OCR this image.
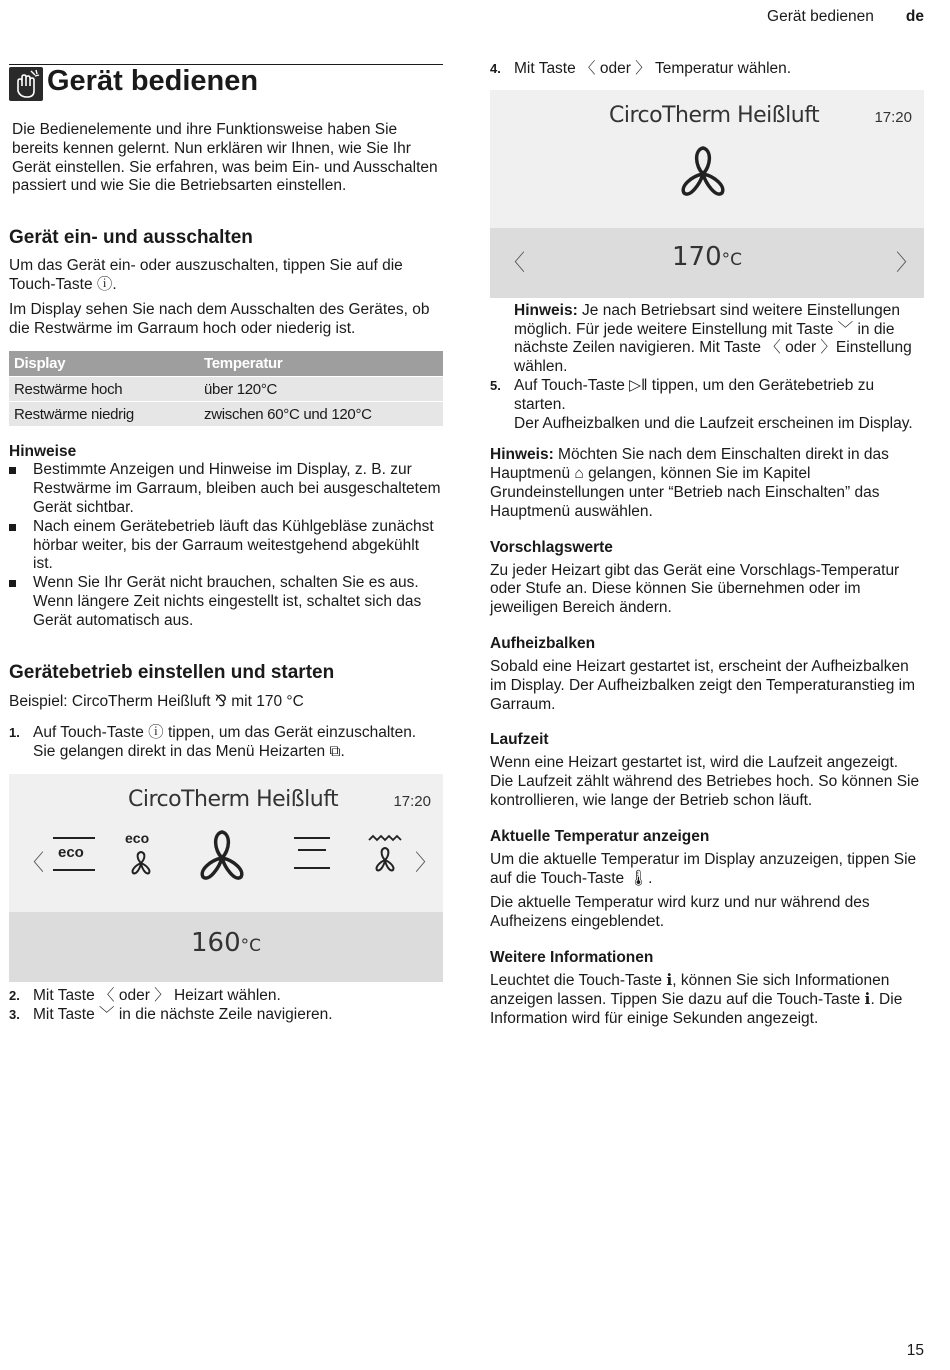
Gerät bedienen de
Gerät bedienen

Die Bedienelemente und ihre Funktionsweise haben Sie bereits kennen gelernt. Nun erklären wir Ihnen, wie Sie Ihr Gerät einstellen. Sie erfahren, was beim Ein- und Ausschalten passiert und wie Sie die Betriebsarten einstellen.

Gerät ein- und ausschalten

Um das Gerät ein- oder auszuschalten, tippen Sie auf die Touch-Taste ⓘ.

Im Display sehen Sie nach dem Ausschalten des Gerätes, ob die Restwärme im Garraum hoch oder niederig ist.

Display	Temperatur
Restwärme hoch	über 120°C
Restwärme niedrig	zwischen 60°C und 120°C
Hinweise
Bestimmte Anzeigen und Hinweise im Display, z. B. zur Restwärme im Garraum, bleiben auch bei ausgeschaltetem Gerät sichtbar.
Nach einem Gerätebetrieb läuft das Kühlgebläse zunächst hörbar weiter, bis der Garraum weitestgehend abgekühlt ist.
Wenn Sie Ihr Gerät nicht brauchen, schalten Sie es aus. Wenn längere Zeit nichts eingestellt ist, schaltet sich das Gerät automatisch aus.
Gerätebetrieb einstellen und starten

Beispiel: CircoTherm Heißluft ⅋ mit 170 °C

1. Auf Touch-Taste ⓘ tippen, um das Gerät einzuschalten.

Sie gelangen direkt in das Menü Heizarten ⧉.

CircoTherm Heißluft	17:20
〈	〉
eco
eco
160°C
2. Mit Taste 〈 oder 〉 Heizart wählen.

3. Mit Taste ﹀ in die nächste Zeile navigieren.

4. Mit Taste 〈 oder 〉 Temperatur wählen.

CircoTherm Heißluft	17:20
〈	〉
170°C

Hinweis: Je nach Betriebsart sind weitere Einstellungen möglich. Für jede weitere Einstellung mit Taste ﹀ in die nächste Zeilen navigieren. Mit Taste 〈 oder 〉Einstellung wählen.

5. Auf Touch-Taste ▷‖ tippen, um den Gerätebetrieb zu starten.

Der Aufheizbalken und die Laufzeit erscheinen im Display.

Hinweis: Möchten Sie nach dem Einschalten direkt in das Hauptmenü ⌂ gelangen, können Sie im Kapitel Grundeinstellungen unter “Betrieb nach Einschalten” das Hauptmenü auswählen.

Vorschlagswerte

Zu jeder Heizart gibt das Gerät eine Vorschlags-Temperatur oder Stufe an. Diese können Sie übernehmen oder im jeweiligen Bereich ändern.

Aufheizbalken

Sobald eine Heizart gestartet ist, erscheint der Aufheizbalken im Display. Der Aufheizbalken zeigt den Temperaturanstieg im Garraum.

Laufzeit

Wenn eine Heizart gestartet ist, wird die Laufzeit angezeigt. Die Laufzeit zählt während des Betriebes hoch. So können Sie kontrollieren, wie lange der Betrieb schon läuft.

Aktuelle Temperatur anzeigen

Um die aktuelle Temperatur im Display anzuzeigen, tippen Sie auf die Touch-Taste 🌡.

Die aktuelle Temperatur wird kurz und nur während des Aufheizens eingeblendet.

Weitere Informationen

Leuchtet die Touch-Taste ℹ, können Sie sich Informationen anzeigen lassen. Tippen Sie dazu auf die Touch-Taste ℹ. Die Information wird für einige Sekunden angezeigt.

15
